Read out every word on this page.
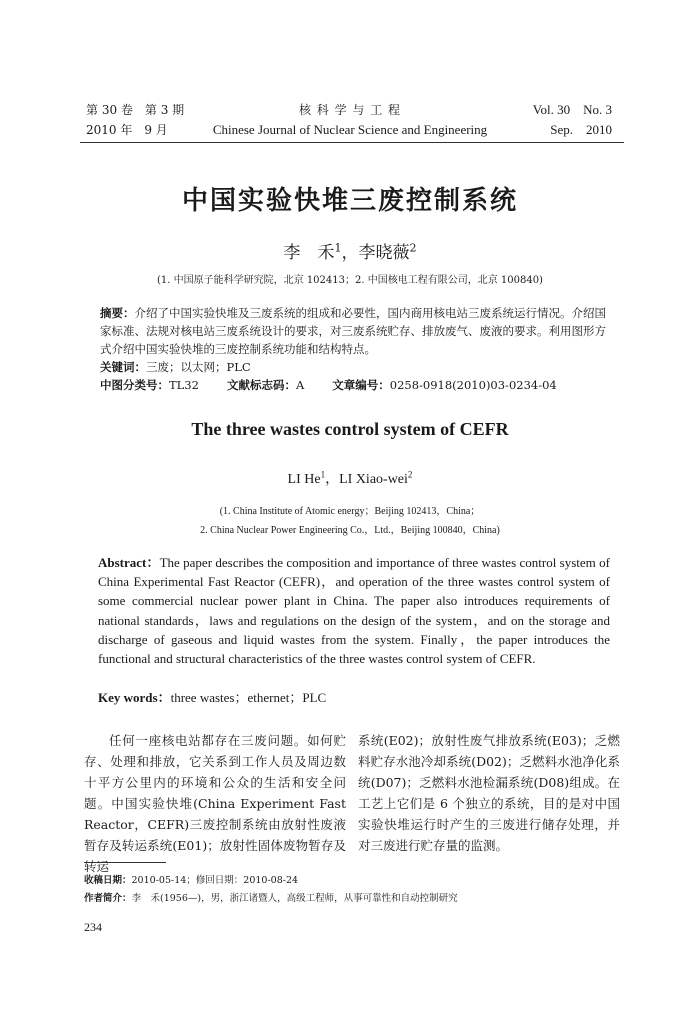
第 30 卷　第 3 期
2010 年　9 月
核 科 学 与 工 程
Chinese Journal of Nuclear Science and Engineering
Vol. 30　No. 3
Sep.　2010
中国实验快堆三废控制系统
李　禾$^1$，李晓薇$^2$
(1. 中国原子能科学研究院，北京 102413；2. 中国核电工程有限公司，北京 100840)
摘要：介绍了中国实验快堆及三废系统的组成和必要性，国内商用核电站三废系统运行情况。介绍国家标准、法规对核电站三废系统设计的要求，对三废系统贮存、排放废气、废液的要求。利用图形方式介绍中国实验快堆的三废控制系统功能和结构特点。
关键词：三废；以太网；PLC
中图分类号：TL32 文献标志码：A 文章编号：0258-0918(2010)03-0234-04
The three wastes control system of CEFR
LI He$^1$，LI Xiao-wei$^2$
(1. China Institute of Atomic energy；Beijing 102413，China；
2. China Nuclear Power Engineering Co.，Ltd.，Beijing 100840，China)
Abstract：The paper describes the composition and importance of three wastes control system of China Experimental Fast Reactor (CEFR)，and operation of the three wastes control system of some commercial nuclear power plant in China. The paper also introduces requirements of national standards，laws and regulations on the design of the system，and on the storage and discharge of gaseous and liquid wastes from the system. Finally，the paper introduces the functional and structural characteristics of the three wastes control system of CEFR.
Key words：three wastes；ethernet；PLC
任何一座核电站都存在三废问题。如何贮存、处理和排放，它关系到工作人员及周边数十平方公里内的环境和公众的生活和安全问题。中国实验快堆(China Experiment Fast Reactor，CEFR)三废控制系统由放射性废液暂存及转运系统(E01)；放射性固体废物暂存及转运
系统(E02)；放射性废气排放系统(E03)；乏燃料贮存水池冷却系统(D02)；乏燃料水池净化系统(D07)；乏燃料水池检漏系统(D08)组成。在工艺上它们是 6 个独立的系统，目的是对中国实验快堆运行时产生的三废进行储存处理，并对三废进行贮存量的监测。
收稿日期：2010-05-14；修回日期：2010-08-24
作者简介：李　禾(1956—)，男，浙江诸暨人，高级工程师，从事可靠性和自动控制研究
234
